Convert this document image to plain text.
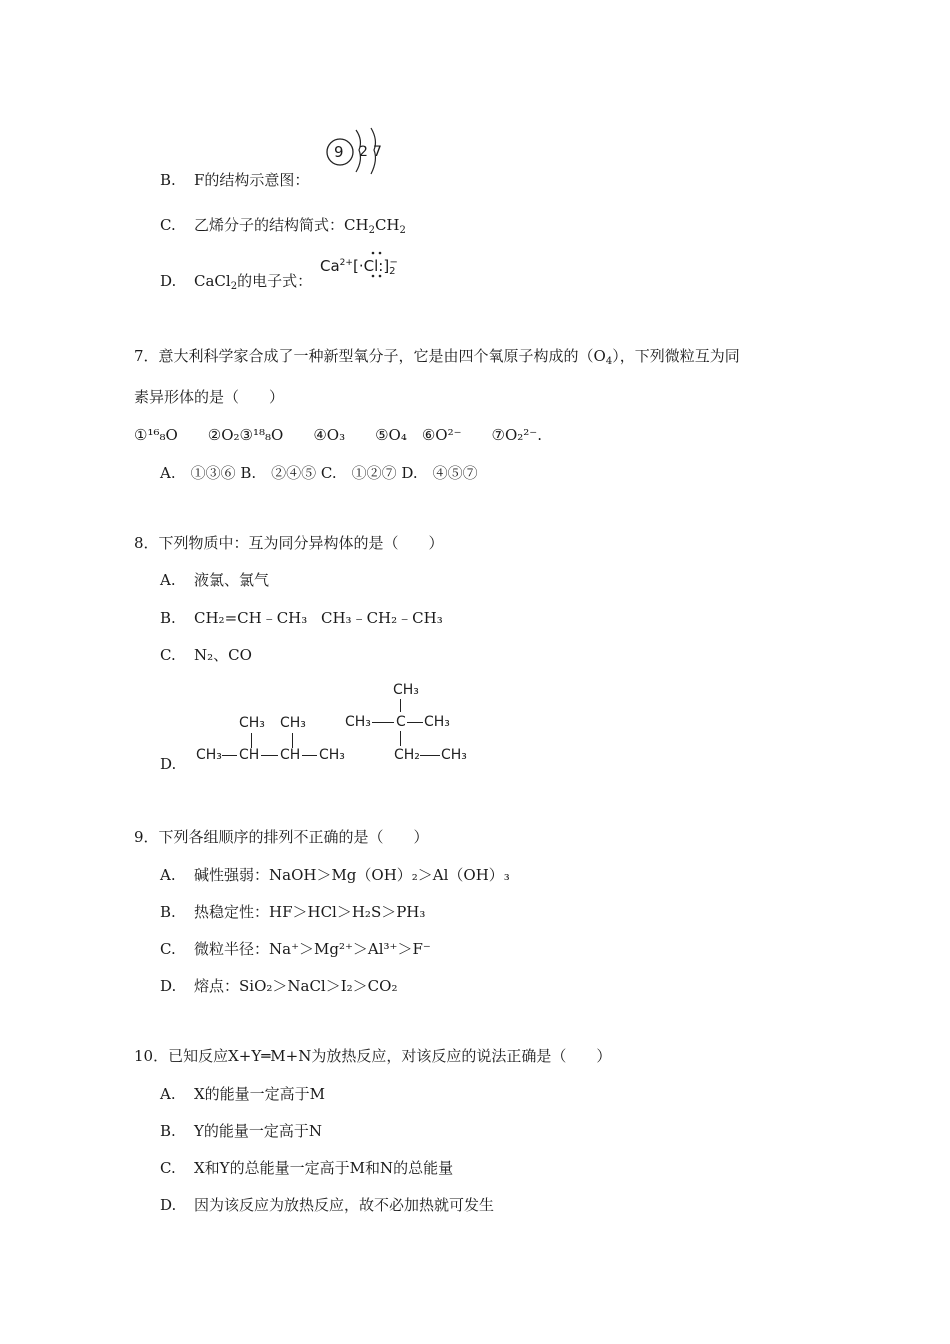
B. F的结构示意图：
9 2 7
C. 乙烯分子的结构简式：$CH_2CH_2$
D. CaCl$_2$的电子式：
$Ca^{2+}[\cdot Cl:]_2^-$
7．意大利科学家合成了一种新型氧分子，它是由四个氧原子构成的$(O_4)$，下列微粒互为同
素异形体的是（　　）
①¹⁶₈O　　②O₂③¹⁸₈O　　④O₃　　⑤O₄　⑥O²⁻　　⑦O₂²⁻.
A.　①③⑥ B.　②④⑤ C.　①②⑦ D.　④⑤⑦
8．下列物质中：互为同分异构体的是（　　）
A. 液氯、氯气
B. CH₂=CH﹣CH₃ CH₃﹣CH₂﹣CH₃
C. N₂、CO
D.
CH₃ CH₃
CH₃ CH CH CH₃
CH₃
CH₃ C CH₃
CH₂ CH₃
9．下列各组顺序的排列不正确的是（　　）
A. 碱性强弱：NaOH＞Mg（OH）₂＞Al（OH）₃
B. 热稳定性：HF＞HCl＞H₂S＞PH₃
C. 微粒半径：Na⁺＞Mg²⁺＞Al³⁺＞F⁻
D. 熔点：SiO₂＞NaCl＞I₂＞CO₂
10．已知反应X+Y═M+N为放热反应，对该反应的说法正确是（　　）
A. X的能量一定高于M
B. Y的能量一定高于N
C. X和Y的总能量一定高于M和N的总能量
D. 因为该反应为放热反应，故不必加热就可发生
